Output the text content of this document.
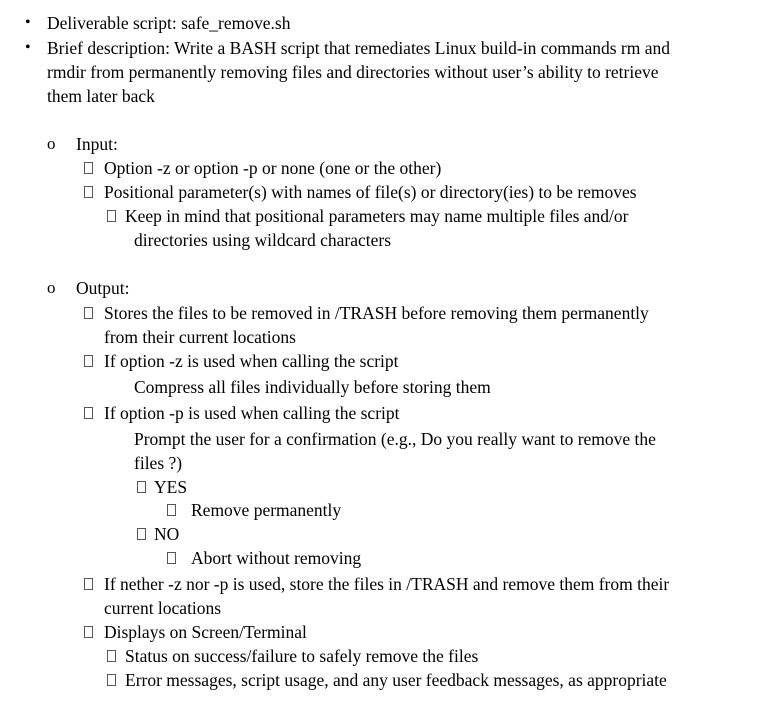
• Deliverable script: safe_remove.sh
• Brief description: Write a BASH script that remediates Linux build-in commands rm and
rmdir from permanently removing files and directories without user’s ability to retrieve
them later back
o Input:
Option -z or option -p or none (one or the other)
Positional parameter(s) with names of file(s) or directory(ies) to be removes
Keep in mind that positional parameters may name multiple files and/or
directories using wildcard characters
o Output:
Stores the files to be removed in /TRASH before removing them permanently
from their current locations
If option -z is used when calling the script
Compress all files individually before storing them
If option -p is used when calling the script
Prompt the user for a confirmation (e.g., Do you really want to remove the
files ?)
YES
Remove permanently
NO
Abort without removing
If nether -z nor -p is used, store the files in /TRASH and remove them from their
current locations
Displays on Screen/Terminal
Status on success/failure to safely remove the files
Error messages, script usage, and any user feedback messages, as appropriate
